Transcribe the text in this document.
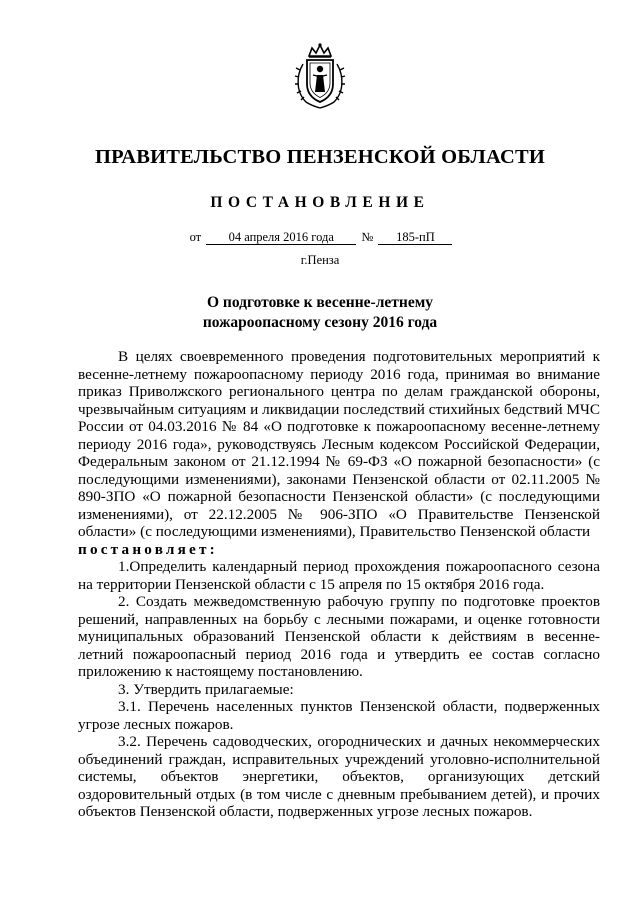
ПРАВИТЕЛЬСТВО ПЕНЗЕНСКОЙ ОБЛАСТИ
ПОСТАНОВЛЕНИЕ
от 04 апреля 2016 года № 185-пП
г.Пенза
О подготовке к весенне-летнему
пожароопасному сезону 2016 года

В целях своевременного проведения подготовительных мероприятий к весенне-летнему пожароопасному периоду 2016 года, принимая во внимание приказ Приволжского регионального центра по делам гражданской обороны, чрезвычайным ситуациям и ликвидации последствий стихийных бедствий МЧС России от 04.03.2016 № 84 «О подготовке к пожароопасному весенне-летнему периоду 2016 года», руководствуясь Лесным кодексом Российской Федерации, Федеральным законом от 21.12.1994 № 69-ФЗ «О пожарной безопасности» (с последующими изменениями), законами Пензенской области от 02.11.2005 № 890-ЗПО «О пожарной безопасности Пензенской области» (с последующими изменениями), от 22.12.2005 № 906-ЗПО «О Правительстве Пензенской области» (с последующими изменениями), Правительство Пензенской области

постановляет:

1.Определить календарный период прохождения пожароопасного сезона на территории Пензенской области с 15 апреля по 15 октября 2016 года.

2. Создать межведомственную рабочую группу по подготовке проектов решений, направленных на борьбу с лесными пожарами, и оценке готовности муниципальных образований Пензенской области к действиям в весенне-летний пожароопасный период 2016 года и утвердить ее состав согласно приложению к настоящему постановлению.

3. Утвердить прилагаемые:

3.1. Перечень населенных пунктов Пензенской области, подверженных угрозе лесных пожаров.

3.2. Перечень садоводческих, огороднических и дачных некоммерческих объединений граждан, исправительных учреждений уголовно-исполнительной системы, объектов энергетики, объектов, организующих детский оздоровительный отдых (в том числе с дневным пребыванием детей), и прочих объектов Пензенской области, подверженных угрозе лесных пожаров.
